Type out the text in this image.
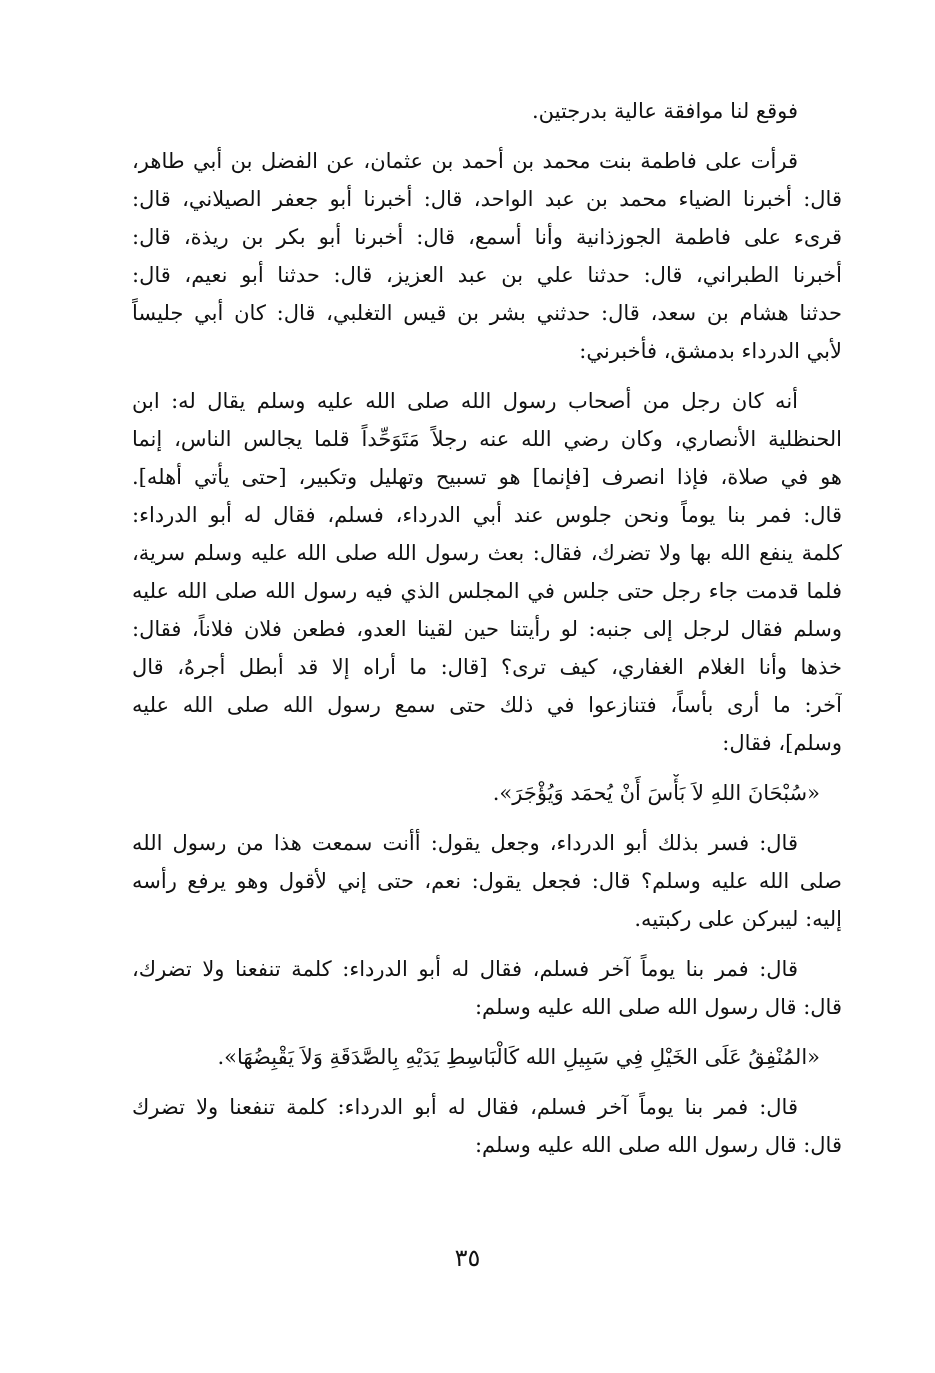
فوقع لنا موافقة عالية بدرجتين.
قرأت على فاطمة بنت محمد بن أحمد بن عثمان، عن الفضل بن أبي طاهر،
قال: أخبرنا الضياء محمد بن عبد الواحد، قال: أخبرنا أبو جعفر الصيلاني، قال:
قرىء على فاطمة الجوزذانية وأنا أسمع، قال: أخبرنا أبو بكر بن ريذة، قال:
أخبرنا الطبراني، قال: حدثنا علي بن عبد العزيز، قال: حدثنا أبو نعيم، قال:
حدثنا هشام بن سعد، قال: حدثني بشر بن قيس التغلبي، قال: كان أبي جليساً
لأبي الدرداء بدمشق، فأخبرني:
أنه كان رجل من أصحاب رسول الله صلى الله عليه وسلم يقال له: ابن
الحنظلية الأنصاري، وكان رضي الله عنه رجلاً مَتَوَحِّداً قلما يجالس الناس، إنما
هو في صلاة، فإذا انصرف [فإنما] هو تسبيح وتهليل وتكبير، [حتى يأتي أهله].
قال: فمر بنا يوماً ونحن جلوس عند أبي الدرداء، فسلم، فقال له أبو الدرداء:
كلمة ينفع الله بها ولا تضرك، فقال: بعث رسول الله صلى الله عليه وسلم سرية،
فلما قدمت جاء رجل حتى جلس في المجلس الذي فيه رسول الله صلى الله عليه
وسلم فقال لرجل إلى جنبه: لو رأيتنا حين لقينا العدو، فطعن فلان فلاناً، فقال:
خذها وأنا الغلام الغفاري، كيف ترى؟ [قال: ما أراه إلا قد أبطل أجرهُ، قال
آخر: ما أرى بأساً، فتنازعوا في ذلك حتى سمع رسول الله صلى الله عليه
وسلم]، فقال:
«سُبْحَانَ اللهِ لاَ بَأْسَ أَنْ يُحمَد وَيُؤْجَرَ».
قال: فسر بذلك أبو الدرداء، وجعل يقول: أأنت سمعت هذا من رسول الله
صلى الله عليه وسلم؟ قال: فجعل يقول: نعم، حتى إني لأقول وهو يرفع رأسه
إليه: ليبركن على ركبتيه.
قال: فمر بنا يوماً آخر فسلم، فقال له أبو الدرداء: كلمة تنفعنا ولا تضرك،
قال: قال رسول الله صلى الله عليه وسلم:
«المُنْفِقُ عَلَى الخَيْلِ فِي سَبِيلِ الله كَالْبَاسِطِ يَدَيْهِ بِالصَّدَقَةِ وَلاَ يَقْبِضُهَا».
قال: فمر بنا يوماً آخر فسلم، فقال له أبو الدرداء: كلمة تنفعنا ولا تضرك
قال: قال رسول الله صلى الله عليه وسلم:
٣٥
